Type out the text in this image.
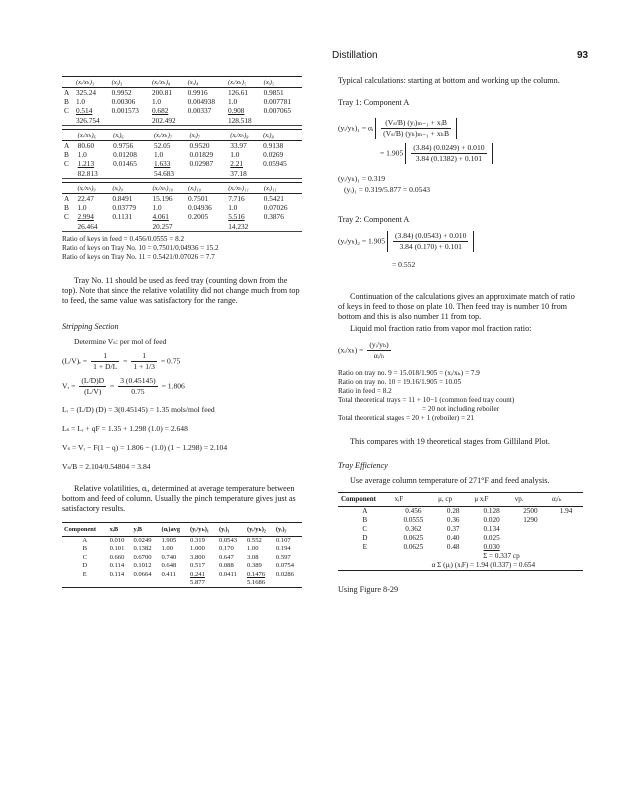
Distillation	93
	(xᵢ/xₕ)₃	(xᵢ)₃	(xᵢ/xₕ)₄	(xᵢ)₄	(xᵢ/xₕ)₅	(xᵢ)₅
A	325.24	0.9952	200.81	0.9916	126.61	0.9851
B	1.0	0.00306	1.0	0.004938	1.0	0.007781
C	0.514	0.001573	0.682	0.00337	0.908	0.007065
	326.754		202.492		128.518	

	(xᵢ/xₕ)₆	(xᵢ)₆	(xᵢ/xₕ)₇	(xᵢ)₇	(xᵢ/xₕ)₈	(xᵢ)₈
A	80.60	0.9756	52.05	0.9520	33.97	0.9138
B	1.0	0.01208	1.0	0.01829	1.0	0.0269
C	1.213	0.01465	1.633	0.02987	2.21	0.05945
	82.813		54.683		37.18	

	(xᵢ/xₕ)₉	(xᵢ)₉	(xᵢ/xₕ)₁₀	(xᵢ)₁₀	(xᵢ/xₕ)₁₁	(xᵢ)₁₁
A	22.47	0.8491	15.196	0.7501	7.716	0.5421
B	1.0	0.03779	1.0	0.04936	1.0	0.07026
C	2.994	0.1131	4.061	0.2005	5.516	0.3876
	26.464		20.257		14.232	

Ratio of keys in feed = 0.456/0.0555 = 8.2
Ratio of keys on Tray No. 10 = 0.7501/0.04936 = 15.2
Ratio of keys on Tray No. 11 = 0.5421/0.07026 = 7.7

Tray No. 11 should be used as feed tray (counting down from the top). Note that since the relative volatility did not change much from top to feed, the same value was satisfactory for the range.

Stripping Section
Determine Vₛ: per mol of feed
(L/V)ᵣ = $\frac{1}{1 + D/L} = \frac{1}{1 + 1/3} = 0.75$
Vᵣ = $\frac{(L/D)D}{(L/V)} = \frac{3 (0.45145)}{0.75} = 1.806$
Lᵣ = (L/D) (D) = 3(0.45145) = 1.35 mols/mol feed
Lₛ = Lᵣ + qF = 1.35 + 1.298 (1.0) = 2.648
Vₛ = Vᵣ − F(1 − q) = 1.806 − (1.0) (1 − 1.298) = 2.104
Vₛ/B = 2.104/0.54804 = 3.84

Relative volatilities, αᵢ, determined at average temperature between bottom and feed of column. Usually the pinch temperature gives just as satisfactory results.

Component	xᵢB	yᵢB	(αᵢ)avg	(yᵢ/yₕ)₁	(yᵢ)₁	(yᵢ/yₕ)₂	(yᵢ)₂
A	0.010	0.0249	1.905	0.319	0.0543	0.552	0.107
B	0.101	0.1382	1.00	1.000	0.170	1.00	0.194
C	0.660	0.6700	0.740	3.800	0.647	3.08	0.597
D	0.114	0.1012	0.648	0.517	0.088	0.389	0.0754
E	0.114	0.0664	0.411	0.241	0.0411	0.1476	0.0286
				5.877		5.1686	

Typical calculations: starting at bottom and working up the column.

Tray 1: Component A

(yᵢ/yₕ)₁ = αᵢ $\frac{\text{(Vₛ/B) (yᵢ)ₘ₋₁ + xᵢB}}{\text{(Vₛ/B) (yₕ)ₘ₋₁ + xₕB}}$
= $1.905 \frac{(3.84) (0.0249) + 0.010}{3.84 (0.1382) + 0.101}$
(yᵢ/yₕ)₁ = 0.319
(yᵢ)₁ = 0.319/5.877 = 0.0543

Tray 2: Component A

(yᵢ/yₕ)₂ = $1.905 \frac{(3.84) (0.0543) + 0.010}{3.84 (0.170) + 0.101}$
= 0.552

Continuation of the calculations gives an approximate match of ratio of keys in feed to those on plate 10. Then feed tray is number 10 from bottom and this is also number 11 from top.

Liquid mol fraction ratio from vapor mol fraction ratio:

(xᵢ/xₕ) = $\frac{\text{(yᵢ/yₕ)}}{\text{αᵢ/ₕ}}$
Ratio on tray no. 9 = 15.018/1.905 = (xᵢ/xₕ) = 7.9
Ratio on tray no. 10 = 19.16/1.905 = 10.05
Ratio in feed = 8.2
Total theoretical trays = 11 + 10−1 (common feed tray count)
= 20 not including reboiler
Total theoretical stages = 20 + 1 (reboiler) = 21

This compares with 19 theoretical stages from Gilliland Plot.

Tray Efficiency

Use average column temperature of 271°F and feed analysis.

Component	xᵢF	μ, cp	μ xᵢF	vp.	αᵢ/ₕ
A	0.456	0.28	0.128	2500	1.94
B	0.0555	0.36	0.020	1290	
C	0.362	0.37	0.134		
D	0.0625	0.40	0.025		
E	0.0625	0.48	0.030		
		Σ = 0.337 cp			
	α Σ (μᵢ) (xᵢF) = 1.94 (0.337) = 0.654				

Using Figure 8-29
